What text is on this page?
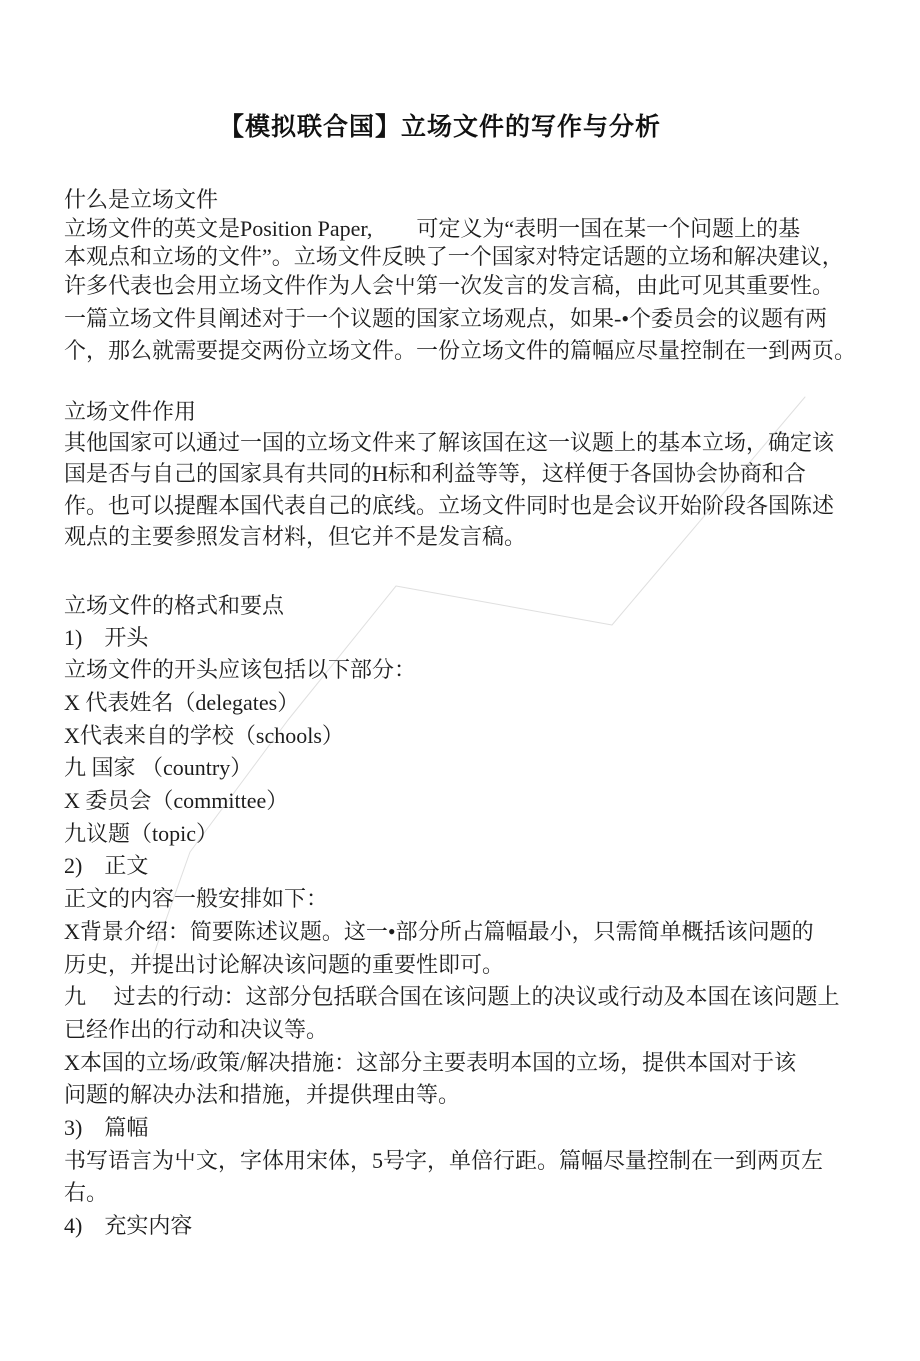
【模拟联合国】立场文件的写作与分析
什么是立场文件
立场文件的英文是Position Paper,　　可定义为“表明一国在某一个问题上的基
本观点和立场的文件”。立场文件反映了一个国家对特定话题的立场和解决建议，
许多代表也会用立场文件作为人会屮第一次发言的发言稿，由此可见其重要性。
一篇立场文件貝阐述对于一个议题的国家立场观点，如果-•个委员会的议题有两
个，那么就需要提交两份立场文件。一份立场文件的篇幅应尽量控制在一到两页。
立场文件作用
其他国家可以通过一国的立场文件来了解该国在这一议题上的基本立场，确定该
国是否与自己的国家具有共同的H标和利益等等，这样便于各国协会协商和合
作。也可以提醒本国代表自己的底线。立场文件同时也是会议开始阶段各国陈述
观点的主要参照发言材料，但它并不是发言稿。
立场文件的格式和要点
1)　开头
立场文件的开头应该包括以下部分：
X 代表姓名（delegates）
X代表来自的学校（schools）
九 国家 （country）
X 委员会（committee）
九议题（topic）
2)　正文
正文的内容一般安排如下：
X背景介绍：简要陈述议题。这一•部分所占篇幅最小，只需简单概括该问题的
历史，并提出讨论解决该问题的重要性即可。
九　 过去的行动：这部分包括联合国在该问题上的决议或行动及本国在该问题上
已经作出的行动和决议等。
X本国的立场/政策/解决措施：这部分主要表明本国的立场，提供本国对于该
问题的解决办法和措施，并提供理由等。
3)　篇幅
书写语言为屮文，字体用宋体，5号字，单倍行距。篇幅尽量控制在一到两页左
右。
4)　充实内容
